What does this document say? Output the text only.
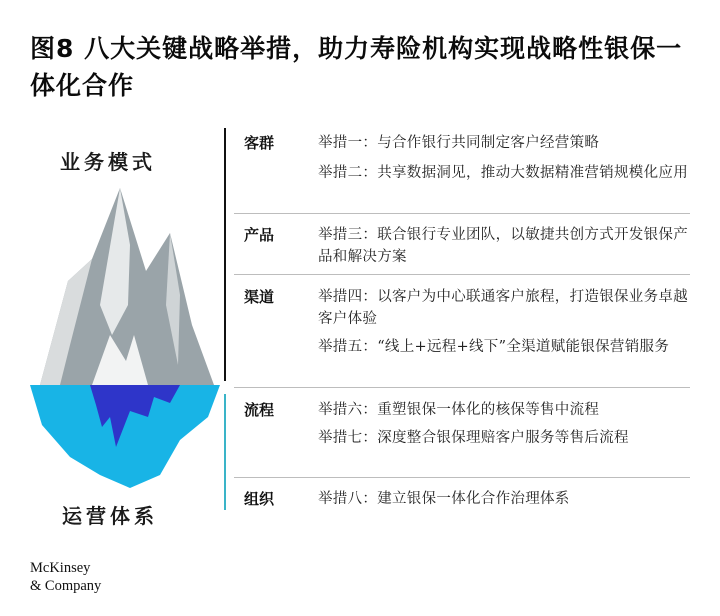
图8 八大关键战略举措，助力寿险机构实现战略性银保一体化合作
业务模式
运营体系
客群	举措一：与合作银行共同制定客户经营策略
举措二：共享数据洞见，推动大数据精准营销规模化应用
产品	举措三：联合银行专业团队，以敏捷共创方式开发银保产品和解决方案
渠道	举措四：以客户为中心联通客户旅程，打造银保业务卓越客户体验
举措五：“线上+远程+线下”全渠道赋能银保营销服务
流程	举措六：重塑银保一体化的核保等售中流程
举措七：深度整合银保理赔客户服务等售后流程
组织	举措八：建立银保一体化合作治理体系
McKinsey
& Company
